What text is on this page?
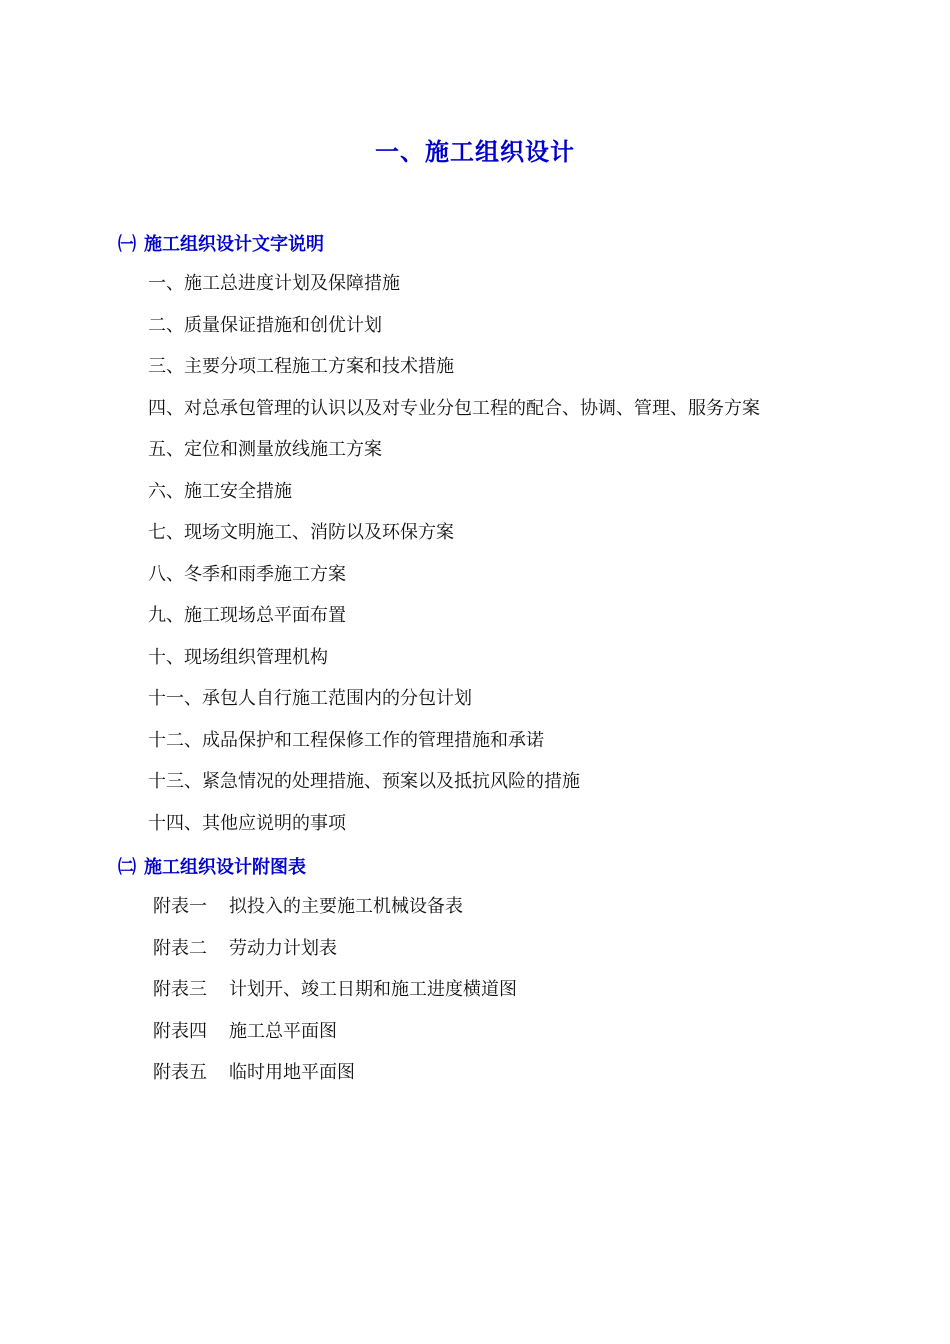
一、施工组织设计
㈠ 施工组织设计文字说明
一、施工总进度计划及保障措施
二、质量保证措施和创优计划
三、主要分项工程施工方案和技术措施
四、对总承包管理的认识以及对专业分包工程的配合、协调、管理、服务方案
五、定位和测量放线施工方案
六、施工安全措施
七、现场文明施工、消防以及环保方案
八、冬季和雨季施工方案
九、施工现场总平面布置
十、现场组织管理机构
十一、承包人自行施工范围内的分包计划
十二、成品保护和工程保修工作的管理措施和承诺
十三、紧急情况的处理措施、预案以及抵抗风险的措施
十四、其他应说明的事项
㈡ 施工组织设计附图表
附表一 拟投入的主要施工机械设备表
附表二 劳动力计划表
附表三 计划开、竣工日期和施工进度横道图
附表四 施工总平面图
附表五 临时用地平面图
